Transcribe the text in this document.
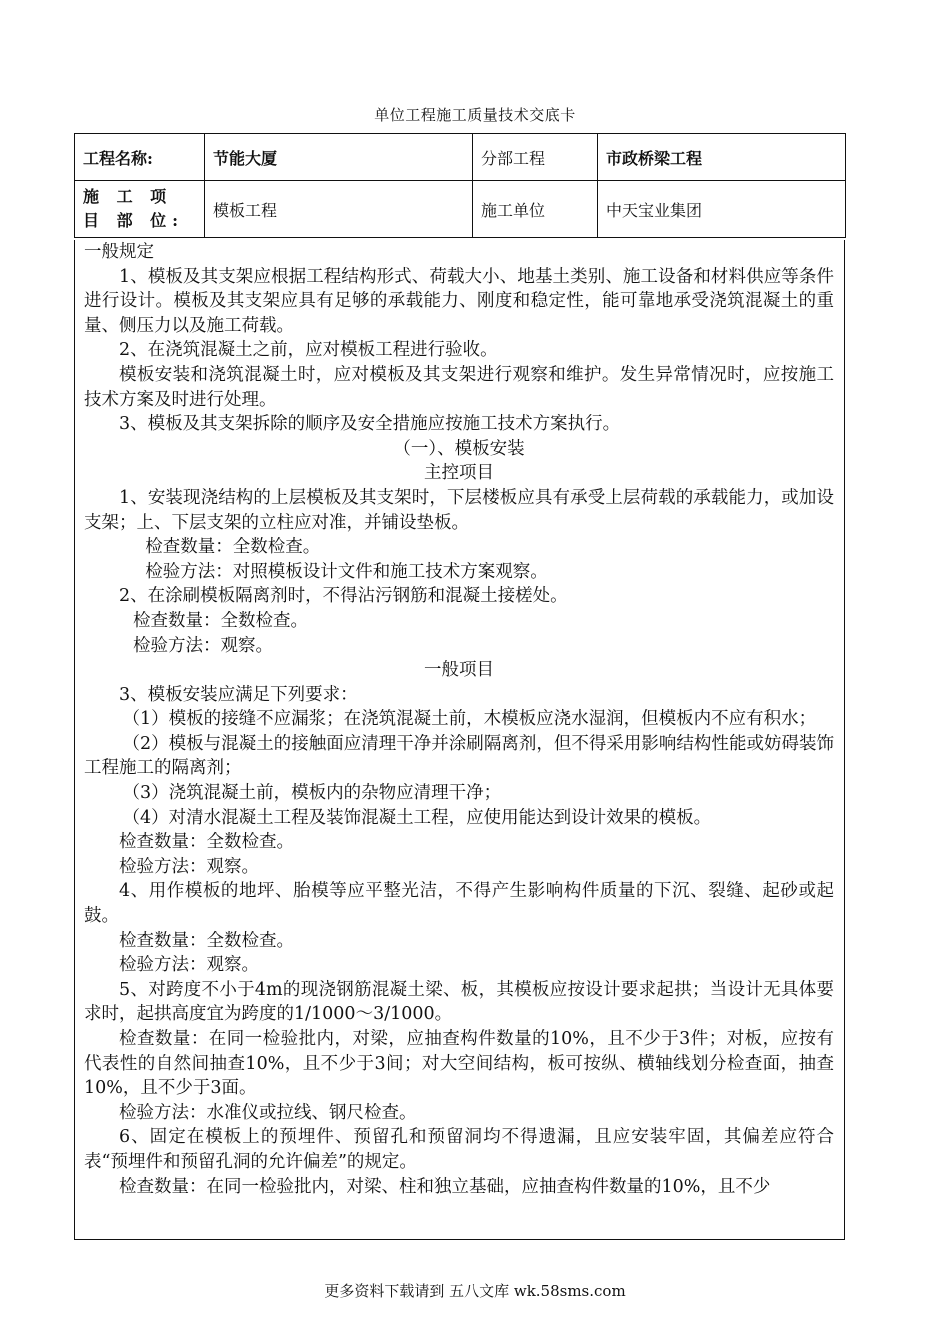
单位工程施工质量技术交底卡
工程名称:	节能大厦	分部工程	市政桥梁工程
施 工 项 目 部 位:	模板工程	施工单位	中天宝业集团

一般规定

1、模板及其支架应根据工程结构形式、荷载大小、地基土类别、施工设备和材料供应等条件进行设计。模板及其支架应具有足够的承载能力、刚度和稳定性，能可靠地承受浇筑混凝土的重量、侧压力以及施工荷载。

2、在浇筑混凝土之前，应对模板工程进行验收。

模板安装和浇筑混凝土时，应对模板及其支架进行观察和维护。发生异常情况时，应按施工技术方案及时进行处理。

3、模板及其支架拆除的顺序及安全措施应按施工技术方案执行。

（一）、模板安装

主控项目

1、安装现浇结构的上层模板及其支架时，下层楼板应具有承受上层荷载的承载能力，或加设支架；上、下层支架的立柱应对准，并铺设垫板。

检查数量：全数检查。

检验方法：对照模板设计文件和施工技术方案观察。

2、在涂刷模板隔离剂时，不得沾污钢筋和混凝土接槎处。

检查数量：全数检查。

检验方法：观察。

一般项目

3、模板安装应满足下列要求：

（1）模板的接缝不应漏浆；在浇筑混凝土前，木模板应浇水湿润，但模板内不应有积水；

（2）模板与混凝土的接触面应清理干净并涂刷隔离剂，但不得采用影响结构性能或妨碍装饰工程施工的隔离剂；

（3）浇筑混凝土前，模板内的杂物应清理干净；

（4）对清水混凝土工程及装饰混凝土工程，应使用能达到设计效果的模板。

检查数量：全数检查。

检验方法：观察。

4、用作模板的地坪、胎模等应平整光洁，不得产生影响构件质量的下沉、裂缝、起砂或起鼓。

检查数量：全数检查。

检验方法：观察。

5、对跨度不小于4m的现浇钢筋混凝土梁、板，其模板应按设计要求起拱；当设计无具体要求时，起拱高度宜为跨度的1/1000～3/1000。

检查数量：在同一检验批内，对梁，应抽查构件数量的10%，且不少于3件；对板，应按有代表性的自然间抽查10%，且不少于3间；对大空间结构，板可按纵、横轴线划分检查面，抽查10%，且不少于3面。

检验方法：水准仪或拉线、钢尺检查。

6、固定在模板上的预埋件、预留孔和预留洞均不得遗漏，且应安装牢固，其偏差应符合表“预埋件和预留孔洞的允许偏差”的规定。

检查数量：在同一检验批内，对梁、柱和独立基础，应抽查构件数量的10%，且不少

更多资料下载请到 五八文库 wk.58sms.com
